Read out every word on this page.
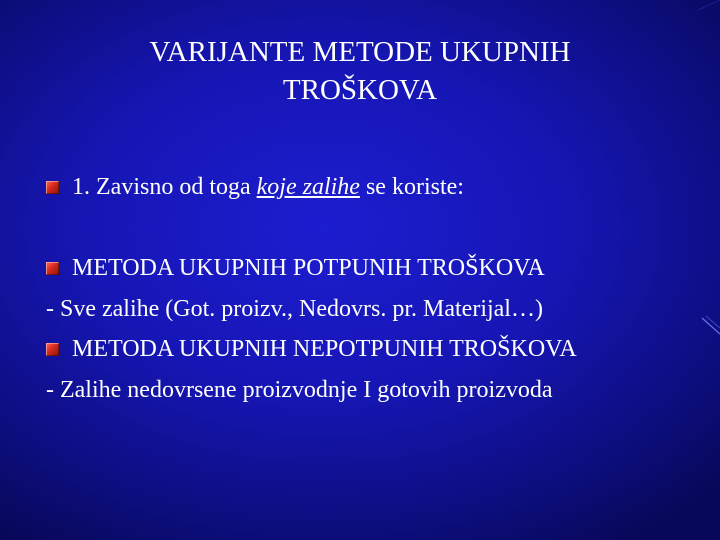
VARIJANTE METODE UKUPNIH
TROŠKOVA

1. Zavisno od toga koje zalihe se koriste:

METODA UKUPNIH POTPUNIH TROŠKOVA

- Sve zalihe (Got. proizv., Nedovrs. pr. Materijal…)

METODA UKUPNIH NEPOTPUNIH TROŠKOVA

- Zalihe nedovrsene proizvodnje I gotovih proizvoda
